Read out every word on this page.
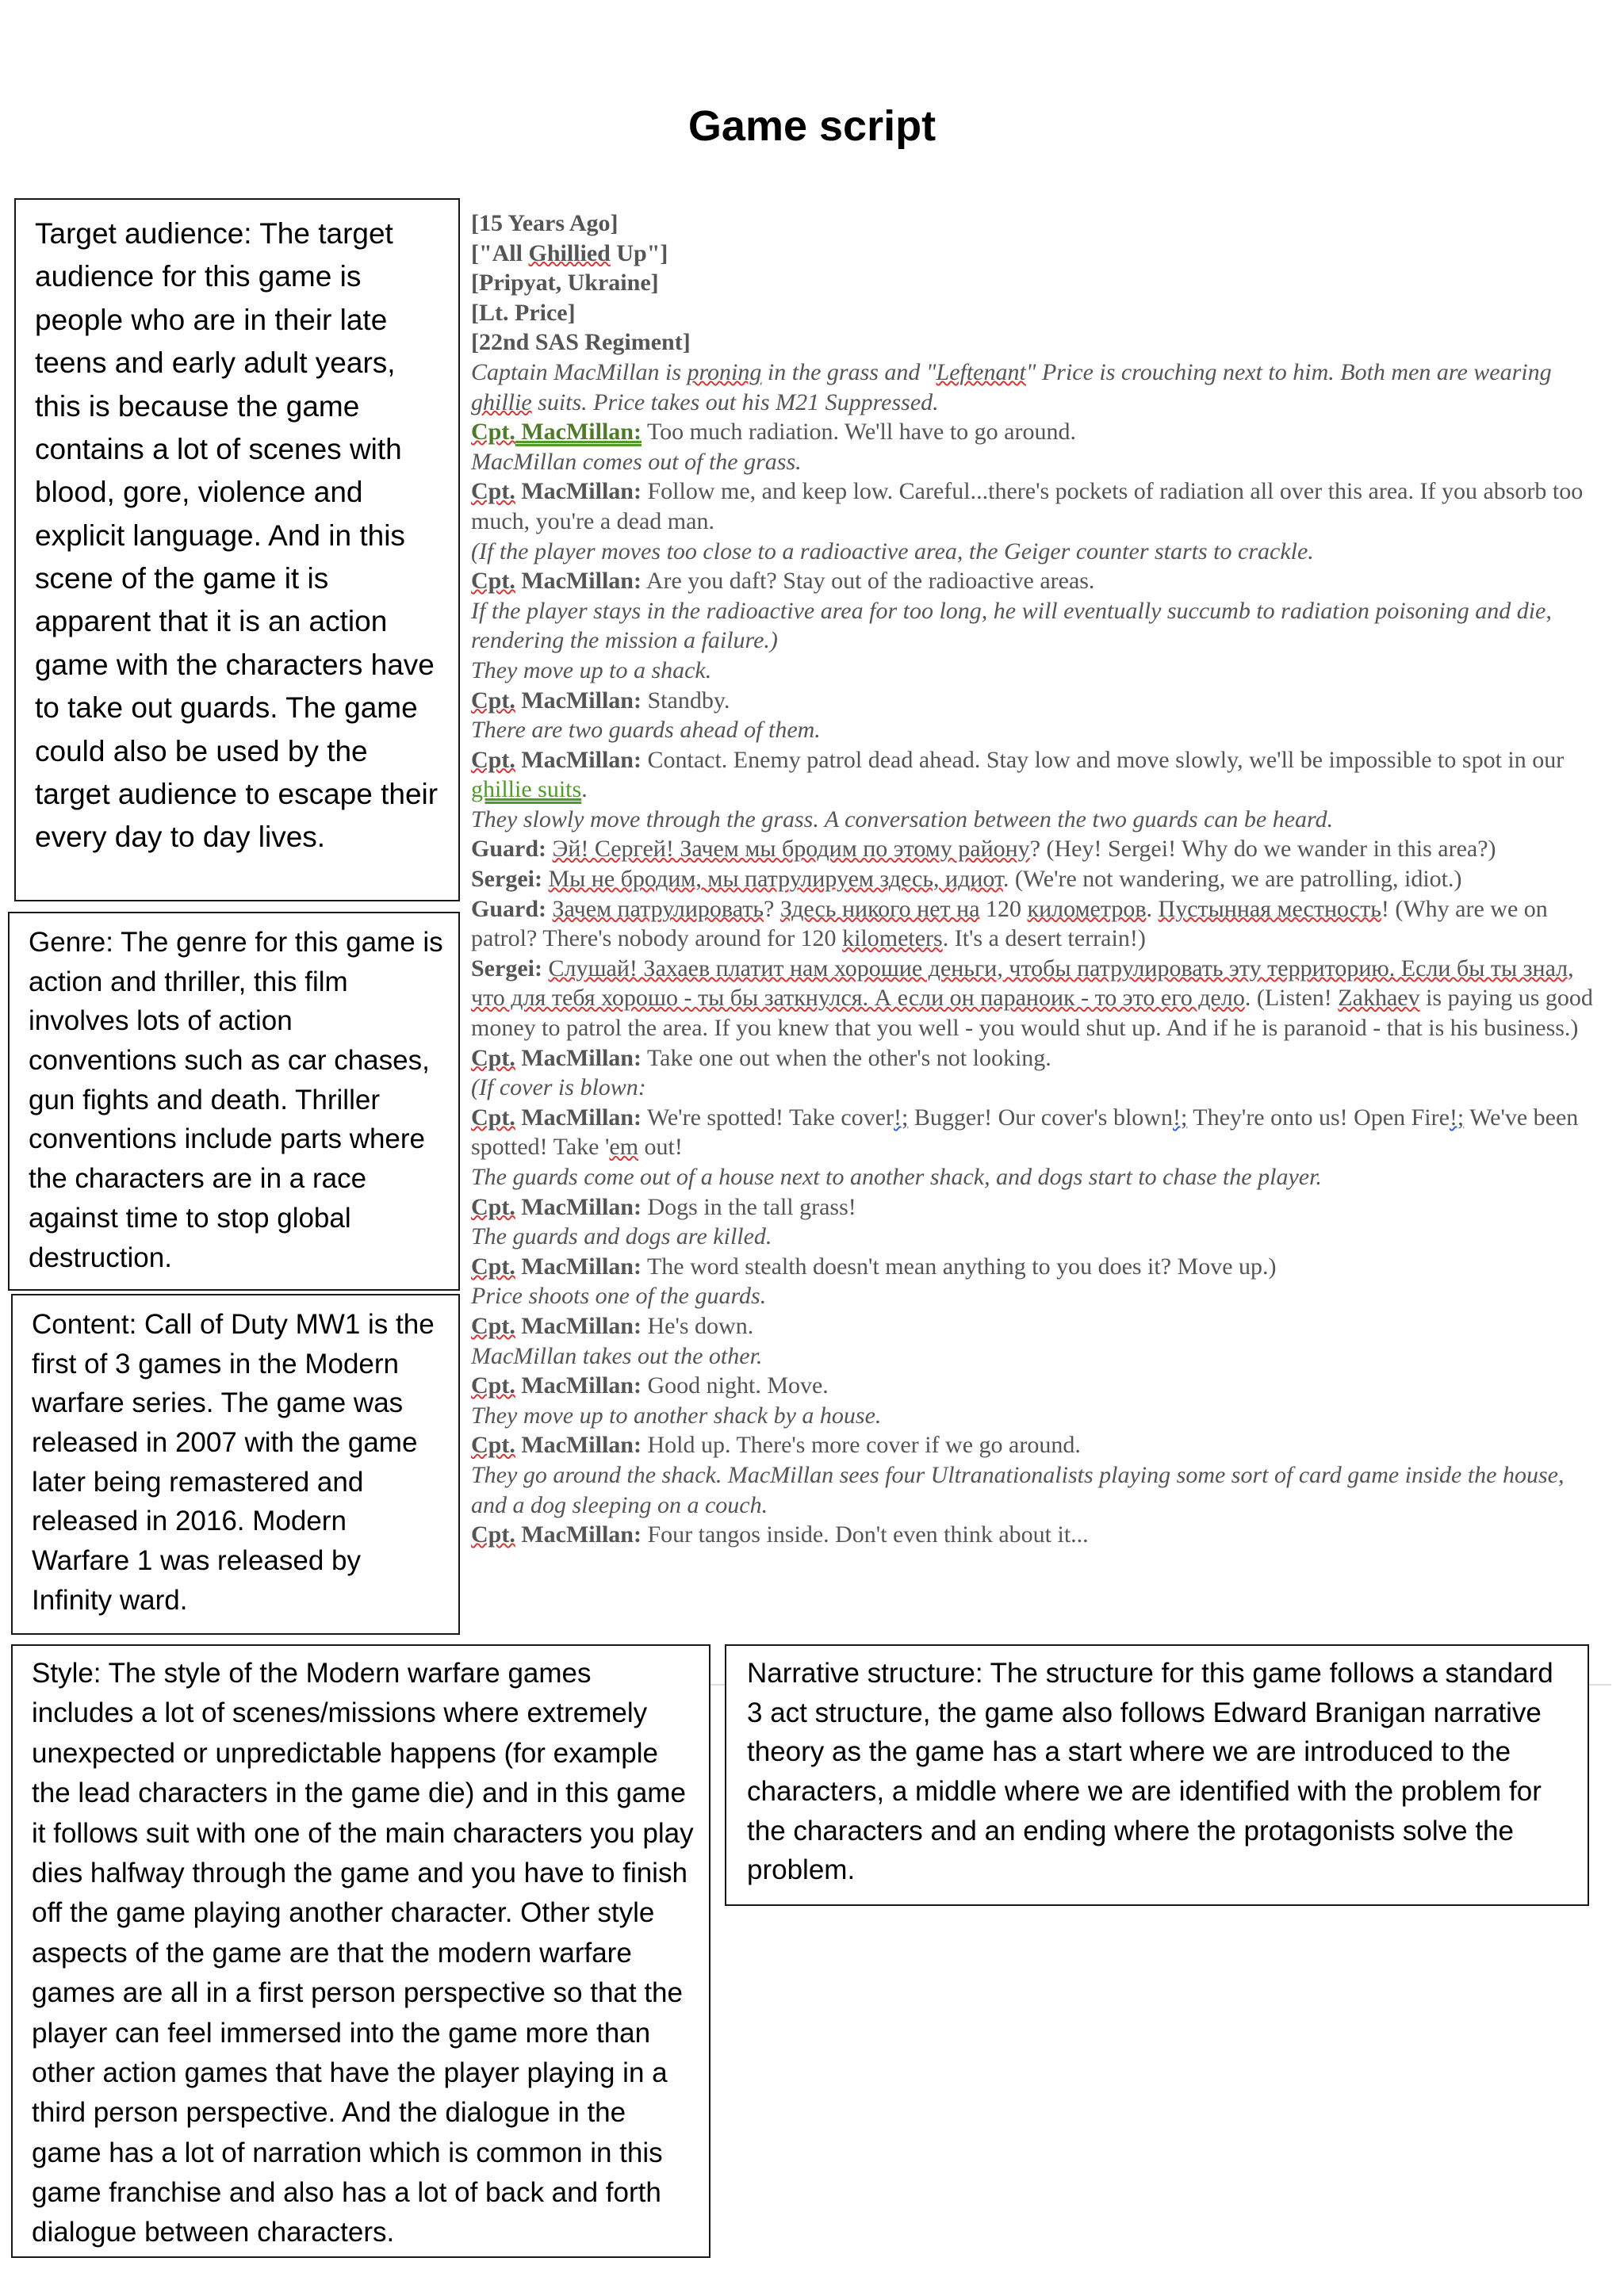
Game script

Target audience: The target audience for this game is people who are in their late teens and early adult years, this is because the game contains a lot of scenes with blood, gore, violence and explicit language. And in this scene of the game it is apparent that it is an action game with the characters have to take out guards. The game could also be used by the target audience to escape their every day to day lives.

Genre: The genre for this game is action and thriller, this film involves lots of action conventions such as car chases, gun fights and death. Thriller conventions include parts where the characters are in a race against time to stop global destruction.

Content: Call of Duty MW1 is the first of 3 games in the Modern warfare series. The game was released in 2007 with the game later being remastered and released in 2016. Modern Warfare 1 was released by Infinity ward.

Style: The style of the Modern warfare games includes a lot of scenes/missions where extremely unexpected or unpredictable happens (for example the lead characters in the game die) and in this game it follows suit with one of the main characters you play dies halfway through the game and you have to finish off the game playing another character. Other style aspects of the game are that the modern warfare games are all in a first person perspective so that the player can feel immersed into the game more than other action games that have the player playing in a third person perspective. And the dialogue in the game has a lot of narration which is common in this game franchise and also has a lot of back and forth dialogue between characters.

Narrative structure: The structure for this game follows a standard 3 act structure, the game also follows Edward Branigan narrative theory as the game has a start where we are introduced to the characters, a middle where we are identified with the problem for the characters and an ending where the protagonists solve the problem.

[15 Years Ago]

["All Ghillied Up"]

[Pripyat, Ukraine]

[Lt. Price]

[22nd SAS Regiment]

Captain MacMillan is proning in the grass and "Leftenant" Price is crouching next to him. Both men are wearing ghillie suits. Price takes out his M21 Suppressed.

Cpt. MacMillan: Too much radiation. We'll have to go around.

MacMillan comes out of the grass.

Cpt. MacMillan: Follow me, and keep low. Careful...there's pockets of radiation all over this area. If you absorb too much, you're a dead man.

(If the player moves too close to a radioactive area, the Geiger counter starts to crackle.

Cpt. MacMillan: Are you daft? Stay out of the radioactive areas.

If the player stays in the radioactive area for too long, he will eventually succumb to radiation poisoning and die, rendering the mission a failure.)

They move up to a shack.

Cpt. MacMillan: Standby.

There are two guards ahead of them.

Cpt. MacMillan: Contact. Enemy patrol dead ahead. Stay low and move slowly, we'll be impossible to spot in our ghillie suits.

They slowly move through the grass. A conversation between the two guards can be heard.

Guard: Эй! Сергей! Зачем мы бродим по этому району? (Hey! Sergei! Why do we wander in this area?)

Sergei: Мы не бродим, мы патрулируем здесь, идиот. (We're not wandering, we are patrolling, idiot.)

Guard: Зачем патрулировать? Здесь никого нет на 120 километров. Пустынная местность! (Why are we on patrol? There's nobody around for 120 kilometers. It's a desert terrain!)

Sergei: Слушай! Захаев платит нам хорошие деньги, чтобы патрулировать эту территорию. Если бы ты знал, что для тебя хорошо - ты бы заткнулся. А если он параноик - то это его дело. (Listen! Zakhaev is paying us good money to patrol the area. If you knew that you well - you would shut up. And if he is paranoid - that is his business.)

Cpt. MacMillan: Take one out when the other's not looking.

(If cover is blown:

Cpt. MacMillan: We're spotted! Take cover!; Bugger! Our cover's blown!; They're onto us! Open Fire!; We've been spotted! Take 'em out!

The guards come out of a house next to another shack, and dogs start to chase the player.

Cpt. MacMillan: Dogs in the tall grass!

The guards and dogs are killed.

Cpt. MacMillan: The word stealth doesn't mean anything to you does it? Move up.)

Price shoots one of the guards.

Cpt. MacMillan: He's down.

MacMillan takes out the other.

Cpt. MacMillan: Good night. Move.

They move up to another shack by a house.

Cpt. MacMillan: Hold up. There's more cover if we go around.

They go around the shack. MacMillan sees four Ultranationalists playing some sort of card game inside the house, and a dog sleeping on a couch.

Cpt. MacMillan: Four tangos inside. Don't even think about it...
